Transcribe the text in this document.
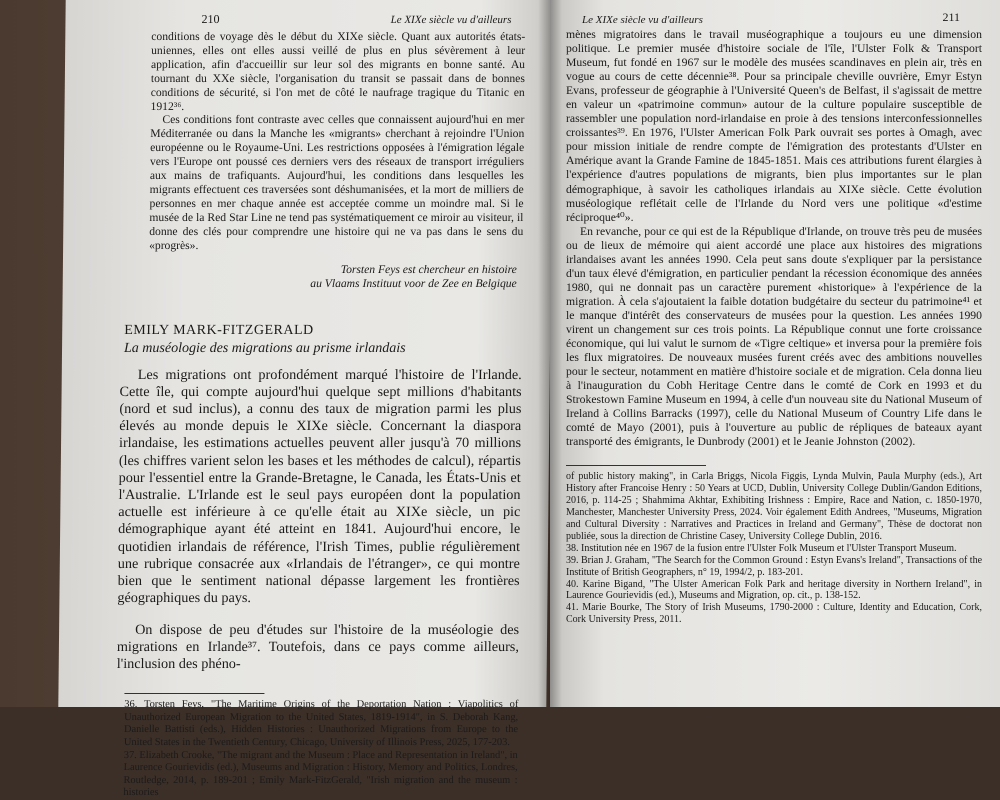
210	Le XIXe siècle vu d'ailleurs

conditions de voyage dès le début du XIXe siècle. Quant aux autorités états-uniennes, elles ont elles aussi veillé de plus en plus sévèrement à leur application, afin d'accueillir sur leur sol des migrants en bonne santé. Au tournant du XXe siècle, l'organisation du transit se passait dans de bonnes conditions de sécurité, si l'on met de côté le naufrage tragique du Titanic en 1912³⁶.

Ces conditions font contraste avec celles que connaissent aujourd'hui en mer Méditerranée ou dans la Manche les «migrants» cherchant à rejoindre l'Union européenne ou le Royaume-Uni. Les restrictions opposées à l'émigration légale vers l'Europe ont poussé ces derniers vers des réseaux de transport irréguliers aux mains de trafiquants. Aujourd'hui, les conditions dans lesquelles les migrants effectuent ces traversées sont déshumanisées, et la mort de milliers de personnes en mer chaque année est acceptée comme un moindre mal. Si le musée de la Red Star Line ne tend pas systématiquement ce miroir au visiteur, il donne des clés pour comprendre une histoire qui ne va pas dans le sens du «progrès».

Torsten Feys est chercheur en histoire
au Vlaams Instituut voor de Zee en Belgique
EMILY MARK-FITZGERALD
La muséologie des migrations au prisme irlandais

Les migrations ont profondément marqué l'histoire de l'Irlande. Cette île, qui compte aujourd'hui quelque sept millions d'habitants (nord et sud inclus), a connu des taux de migration parmi les plus élevés au monde depuis le XIXe siècle. Concernant la diaspora irlandaise, les estimations actuelles peuvent aller jusqu'à 70 millions (les chiffres varient selon les bases et les méthodes de calcul), répartis pour l'essentiel entre la Grande-Bretagne, le Canada, les États-Unis et l'Australie. L'Irlande est le seul pays européen dont la population actuelle est inférieure à ce qu'elle était au XIXe siècle, un pic démographique ayant été atteint en 1841. Aujourd'hui encore, le quotidien irlandais de référence, l'Irish Times, publie régulièrement une rubrique consacrée aux «Irlandais de l'étranger», ce qui montre bien que le sentiment national dépasse largement les frontières géographiques du pays.

On dispose de peu d'études sur l'histoire de la muséologie des migrations en Irlande³⁷. Toutefois, dans ce pays comme ailleurs, l'inclusion des phéno-

36. Torsten Feys, "The Maritime Origins of the Deportation Nation : Viapolitics of Unauthorized European Migration to the United States, 1819-1914", in S. Deborah Kang, Danielle Battisti (eds.), Hidden Histories : Unauthorized Migrations from Europe to the United States in the Twentieth Century, Chicago, University of Illinois Press, 2025, 177-203.

37. Elizabeth Crooke, "The migrant and the Museum : Place and Representation in Ireland", in Laurence Gourievidis (ed.), Museums and Migration : History, Memory and Politics, Londres, Routledge, 2014, p. 189-201 ; Emily Mark-FitzGerald, "Irish migration and the museum : histories

Le XIXe siècle vu d'ailleurs	211

mènes migratoires dans le travail muséographique a toujours eu une dimension politique. Le premier musée d'histoire sociale de l'île, l'Ulster Folk & Transport Museum, fut fondé en 1967 sur le modèle des musées scandinaves en plein air, très en vogue au cours de cette décennie³⁸. Pour sa principale cheville ouvrière, Emyr Estyn Evans, professeur de géographie à l'Université Queen's de Belfast, il s'agissait de mettre en valeur un «patrimoine commun» autour de la culture populaire susceptible de rassembler une population nord-irlandaise en proie à des tensions interconfessionnelles croissantes³⁹. En 1976, l'Ulster American Folk Park ouvrait ses portes à Omagh, avec pour mission initiale de rendre compte de l'émigration des protestants d'Ulster en Amérique avant la Grande Famine de 1845-1851. Mais ces attributions furent élargies à l'expérience d'autres populations de migrants, bien plus importantes sur le plan démographique, à savoir les catholiques irlandais au XIXe siècle. Cette évolution muséologique reflétait celle de l'Irlande du Nord vers une politique «d'estime réciproque⁴⁰».

En revanche, pour ce qui est de la République d'Irlande, on trouve très peu de musées ou de lieux de mémoire qui aient accordé une place aux histoires des migrations irlandaises avant les années 1990. Cela peut sans doute s'expliquer par la persistance d'un taux élevé d'émigration, en particulier pendant la récession économique des années 1980, qui ne donnait pas un caractère purement «historique» à l'expérience de la migration. À cela s'ajoutaient la faible dotation budgétaire du secteur du patrimoine⁴¹ et le manque d'intérêt des conservateurs de musées pour la question. Les années 1990 virent un changement sur ces trois points. La République connut une forte croissance économique, qui lui valut le surnom de «Tigre celtique» et inversa pour la première fois les flux migratoires. De nouveaux musées furent créés avec des ambitions nouvelles pour le secteur, notamment en matière d'histoire sociale et de migration. Cela donna lieu à l'inauguration du Cobh Heritage Centre dans le comté de Cork en 1993 et du Strokestown Famine Museum en 1994, à celle d'un nouveau site du National Museum of Ireland à Collins Barracks (1997), celle du National Museum of Country Life dans le comté de Mayo (2001), puis à l'ouverture au public de répliques de bateaux ayant transporté des émigrants, le Dunbrody (2001) et le Jeanie Johnston (2002).

of public history making", in Carla Briggs, Nicola Figgis, Lynda Mulvin, Paula Murphy (eds.), Art History after Francoise Henry : 50 Years at UCD, Dublin, University College Dublin/Gandon Editions, 2016, p. 114-25 ; Shahmima Akhtar, Exhibiting Irishness : Empire, Race and Nation, c. 1850-1970, Manchester, Manchester University Press, 2024. Voir également Edith Andrees, "Museums, Migration and Cultural Diversity : Narratives and Practices in Ireland and Germany", Thèse de doctorat non publiée, sous la direction de Christine Casey, University College Dublin, 2016.

38. Institution née en 1967 de la fusion entre l'Ulster Folk Museum et l'Ulster Transport Museum.

39. Brian J. Graham, "The Search for the Common Ground : Estyn Evans's Ireland", Transactions of the Institute of British Geographers, n° 19, 1994/2, p. 183-201.

40. Karine Bigand, "The Ulster American Folk Park and heritage diversity in Northern Ireland", in Laurence Gourievidis (ed.), Museums and Migration, op. cit., p. 138-152.

41. Marie Bourke, The Story of Irish Museums, 1790-2000 : Culture, Identity and Education, Cork, Cork University Press, 2011.
